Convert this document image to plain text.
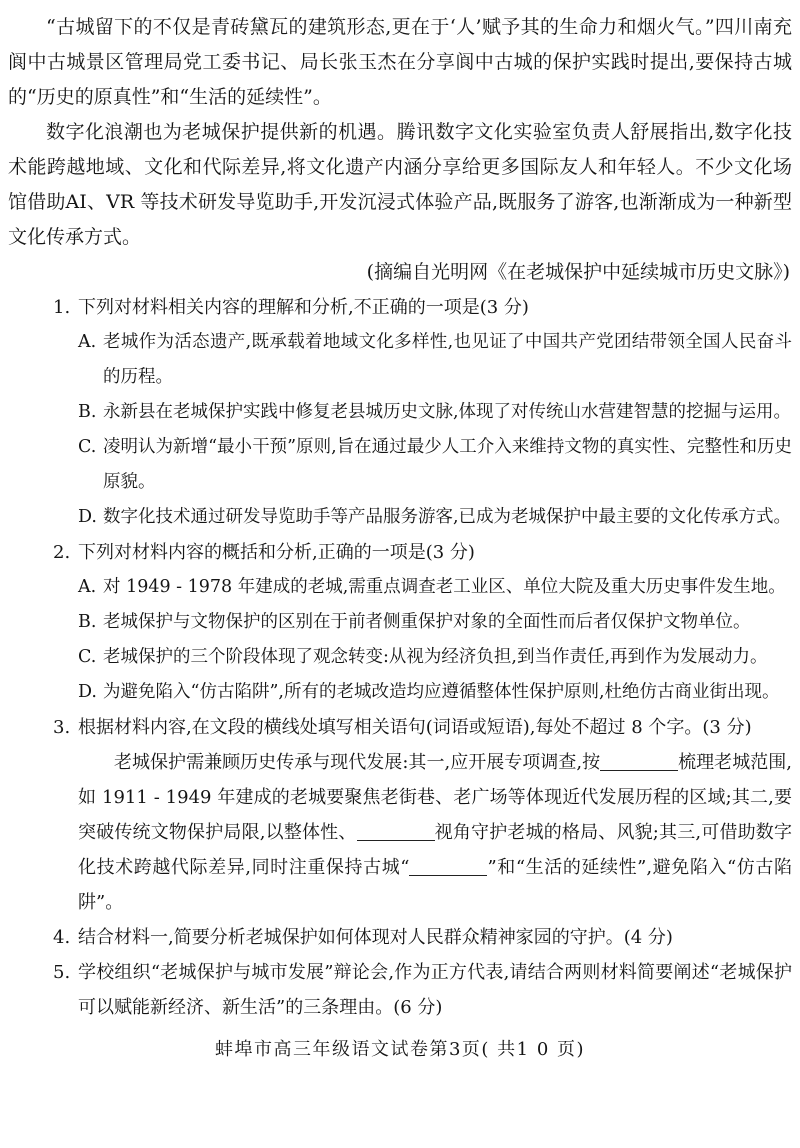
“古城留下的不仅是青砖黛瓦的建筑形态,更在于‘人’赋予其的生命力和烟火气。”四川南充阆中古城景区管理局党工委书记、局长张玉杰在分享阆中古城的保护实践时提出,要保持古城的“历史的原真性”和“生活的延续性”。

数字化浪潮也为老城保护提供新的机遇。腾讯数字文化实验室负责人舒展指出,数字化技术能跨越地域、文化和代际差异,将文化遗产内涵分享给更多国际友人和年轻人。不少文化场馆借助AI、VR 等技术研发导览助手,开发沉浸式体验产品,既服务了游客,也渐渐成为一种新型文化传承方式。

(摘编自光明网《在老城保护中延续城市历史文脉》)

1. 下列对材料相关内容的理解和分析,不正确的一项是(3 分)
A. 老城作为活态遗产,既承载着地域文化多样性,也见证了中国共产党团结带领全国人民奋斗的历程。
B. 永新县在老城保护实践中修复老县城历史文脉,体现了对传统山水营建智慧的挖掘与运用。
C. 凌明认为新增“最小干预”原则,旨在通过最少人工介入来维持文物的真实性、完整性和历史原貌。
D. 数字化技术通过研发导览助手等产品服务游客,已成为老城保护中最主要的文化传承方式。
2. 下列对材料内容的概括和分析,正确的一项是(3 分)
A. 对 1949 - 1978 年建成的老城,需重点调查老工业区、单位大院及重大历史事件发生地。
B. 老城保护与文物保护的区别在于前者侧重保护对象的全面性而后者仅保护文物单位。
C. 老城保护的三个阶段体现了观念转变:从视为经济负担,到当作责任,再到作为发展动力。
D. 为避免陷入“仿古陷阱”,所有的老城改造均应遵循整体性保护原则,杜绝仿古商业街出现。
3. 根据材料内容,在文段的横线处填写相关语句(词语或短语),每处不超过 8 个字。(3 分)
老城保护需兼顾历史传承与现代发展:其一,应开展专项调查,按	梳理老城范围,如 1911 - 1949 年建成的老城要聚焦老街巷、老广场等体现近代发展历程的区域;其二,要突破传统文物保护局限,以整体性、	视角守护老城的格局、风貌;其三,可借助数字化技术跨越代际差异,同时注重保持古城“	”和“生活的延续性”,避免陷入“仿古陷阱”。
4. 结合材料一,简要分析老城保护如何体现对人民群众精神家园的守护。(4 分)
5. 学校组织“老城保护与城市发展”辩论会,作为正方代表,请结合两则材料简要阐述“老城保护可以赋能新经济、新生活”的三条理由。(6 分)
蚌埠市高三年级语文试卷第3页( 共1 0 页)
